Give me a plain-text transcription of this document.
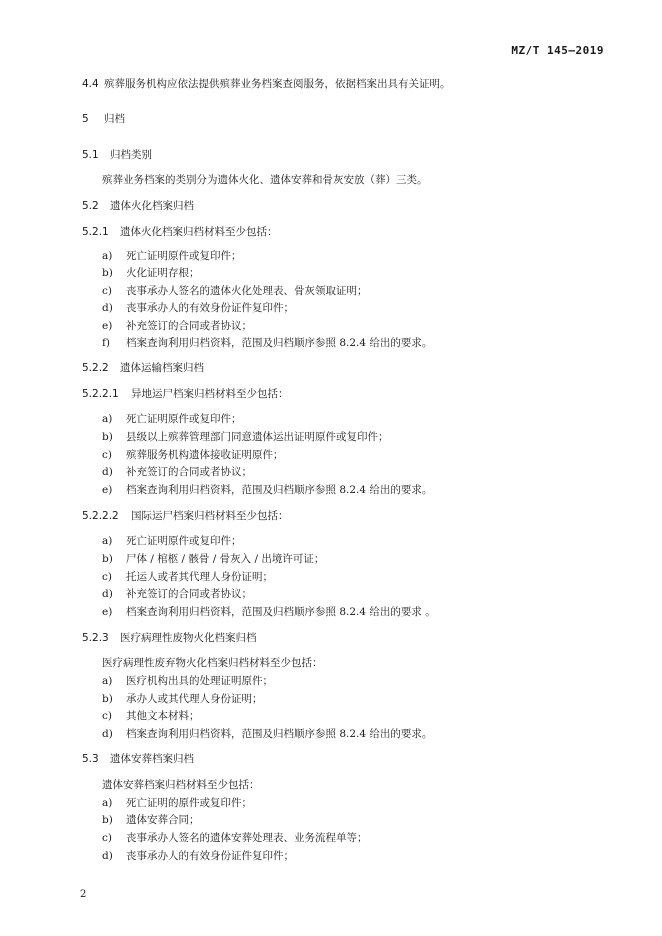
MZ/T 145—2019
4.4 殡葬服务机构应依法提供殡葬业务档案查阅服务，依据档案出具有关证明。
5 归档
5.1 归档类别
殡葬业务档案的类别分为遗体火化、遗体安葬和骨灰安放（葬）三类。
5.2 遗体火化档案归档
5.2.1 遗体火化档案归档材料至少包括：
a) 死亡证明原件或复印件；
b) 火化证明存根；
c) 丧事承办人签名的遗体火化处理表、骨灰领取证明；
d) 丧事承办人的有效身份证件复印件；
e) 补充签订的合同或者协议；
f) 档案查询利用归档资料，范围及归档顺序参照 8.2.4 给出的要求。
5.2.2 遗体运输档案归档
5.2.2.1 异地运尸档案归档材料至少包括：
a) 死亡证明原件或复印件；
b) 县级以上殡葬管理部门同意遗体运出证明原件或复印件；
c) 殡葬服务机构遗体接收证明原件；
d) 补充签订的合同或者协议；
e) 档案查询利用归档资料，范围及归档顺序参照 8.2.4 给出的要求。
5.2.2.2 国际运尸档案归档材料至少包括：
a) 死亡证明原件或复印件；
b) 尸体 / 棺柩 / 骸骨 / 骨灰入 / 出境许可证；
c) 托运人或者其代理人身份证明；
d) 补充签订的合同或者协议；
e) 档案查询利用归档资料，范围及归档顺序参照 8.2.4 给出的要求 。
5.2.3 医疗病理性废物火化档案归档
医疗病理性废弃物火化档案归档材料至少包括：
a) 医疗机构出具的处理证明原件；
b) 承办人或其代理人身份证明；
c) 其他文本材料；
d) 档案查询利用归档资料，范围及归档顺序参照 8.2.4 给出的要求。
5.3 遗体安葬档案归档
遗体安葬档案归档材料至少包括：
a) 死亡证明的原件或复印件；
b) 遗体安葬合同；
c) 丧事承办人签名的遗体安葬处理表、业务流程单等；
d) 丧事承办人的有效身份证件复印件；
2
